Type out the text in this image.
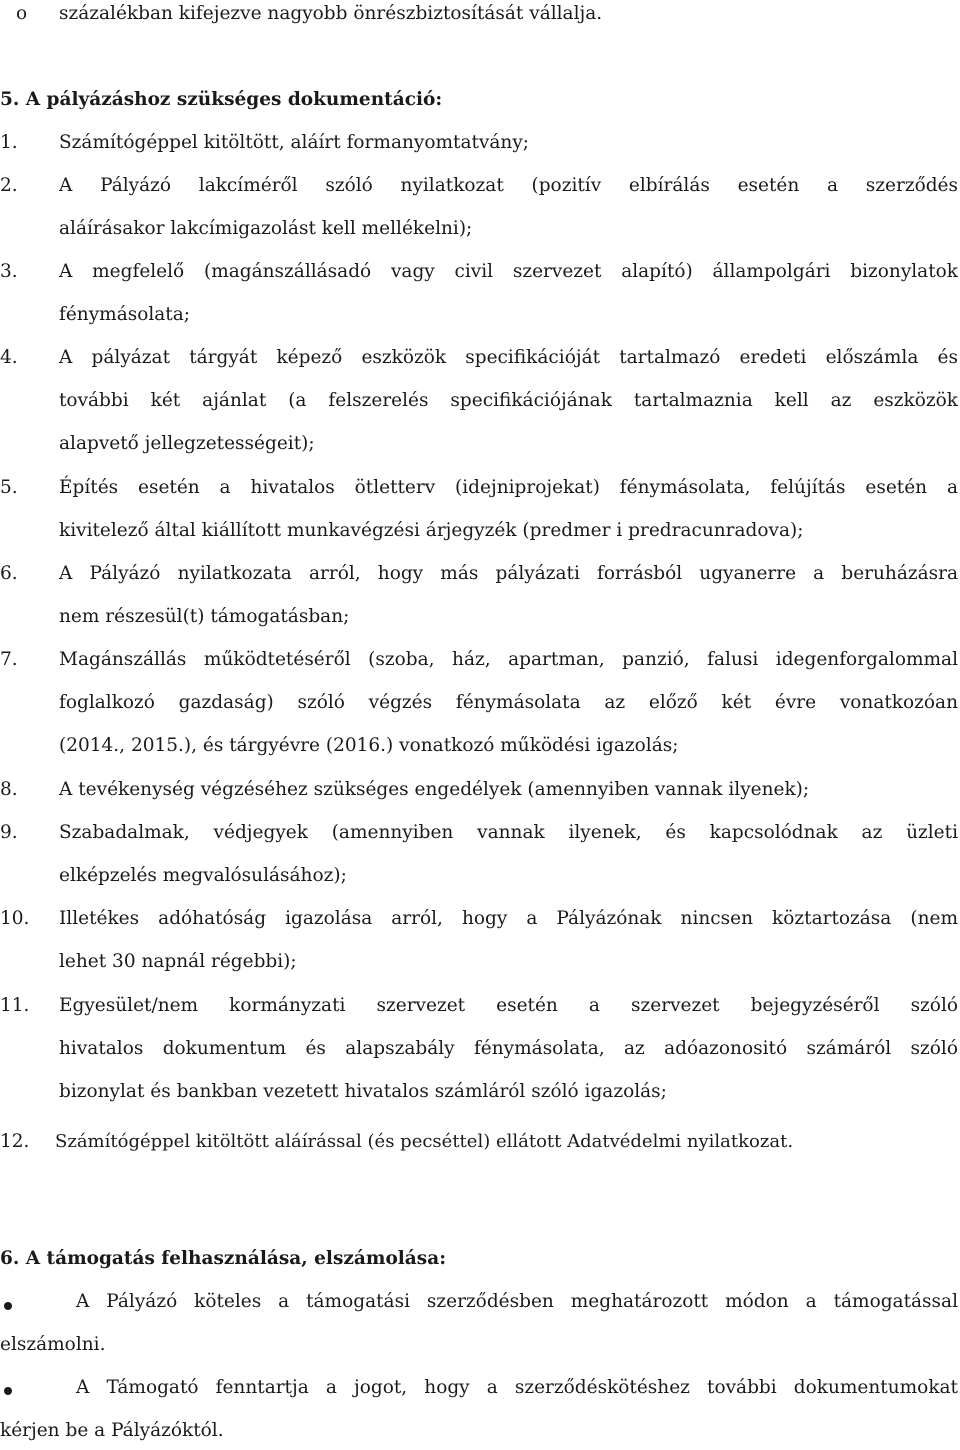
o százalékban kifejezve nagyobb önrészbiztosítását vállalja.
5. A pályázáshoz szükséges dokumentáció:
1. Számítógéppel kitöltött, aláírt formanyomtatvány;
2. A Pályázó lakcíméről szóló nyilatkozat (pozitív elbírálás esetén a szerződés
aláírásakor lakcímigazolást kell mellékelni);
3. A megfelelő (magánszállásadó vagy civil szervezet alapító) állampolgári bizonylatok
fénymásolata;
4. A pályázat tárgyát képező eszközök specifikációját tartalmazó eredeti előszámla és
további két ajánlat (a felszerelés specifikációjának tartalmaznia kell az eszközök
alapvető jellegzetességeit);
5. Építés esetén a hivatalos ötletterv (idejniprojekat) fénymásolata, felújítás esetén a
kivitelező által kiállított munkavégzési árjegyzék (predmer i predracunradova);
6. A Pályázó nyilatkozata arról, hogy más pályázati forrásból ugyanerre a beruházásra
nem részesül(t) támogatásban;
7. Magánszállás működtetéséről (szoba, ház, apartman, panzió, falusi idegenforgalommal
foglalkozó gazdaság) szóló végzés fénymásolata az előző két évre vonatkozóan
(2014., 2015.), és tárgyévre (2016.) vonatkozó működési igazolás;
8. A tevékenység végzéséhez szükséges engedélyek (amennyiben vannak ilyenek);
9. Szabadalmak, védjegyek (amennyiben vannak ilyenek, és kapcsolódnak az üzleti
elképzelés megvalósulásához);
10. Illetékes adóhatóság igazolása arról, hogy a Pályázónak nincsen köztartozása (nem
lehet 30 napnál régebbi);
11. Egyesület/nem kormányzati szervezet esetén a szervezet bejegyzéséről szóló
hivatalos dokumentum és alapszabály fénymásolata, az adóazonositó számáról szóló
bizonylat és bankban vezetett hivatalos számláról szóló igazolás;
12. Számítógéppel kitöltött aláírással (és pecséttel) ellátott Adatvédelmi nyilatkozat.
6. A támogatás felhasználása, elszámolása:
A Pályázó köteles a támogatási szerződésben meghatározott módon a támogatással
elszámolni.
A Támogató fenntartja a jogot, hogy a szerződéskötéshez további dokumentumokat
kérjen be a Pályázóktól.
